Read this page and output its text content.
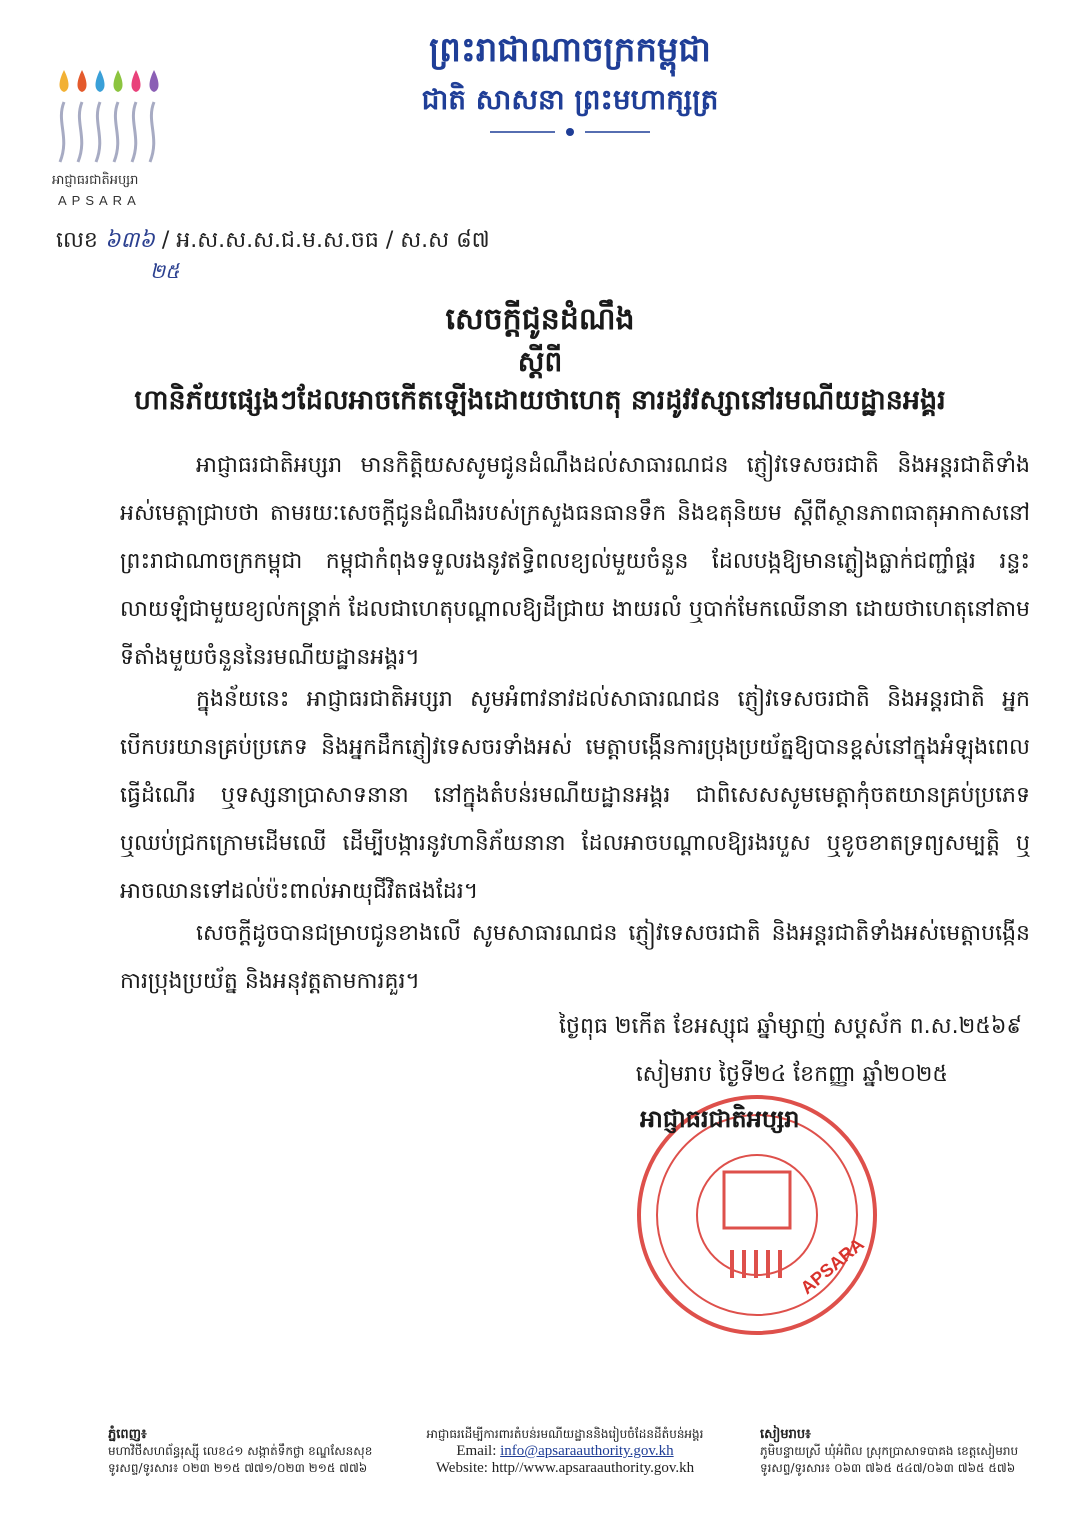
អាជ្ញាធរជាតិអប្សរា
APSARA
ព្រះរាជាណាចក្រកម្ពុជា
ជាតិ សាសនា ព្រះមហាក្សត្រ
លេខ ៦៣៦ / អ.ស.ស.ស.ជ.ម.ស.ចធ / ស.ស ៨៧
២៥
សេចក្តីជូនដំណឹង
ស្តីពី
ហានិភ័យផ្សេងៗដែលអាចកើតឡើងដោយថាហេតុ នារដូវវស្សានៅរមណីយដ្ឋានអង្គរ
អាជ្ញាធរជាតិអប្សរា មានកិត្តិយសសូមជូនដំណឹងដល់សាធារណជន ភ្ញៀវទេសចរជាតិ និងអន្តរជាតិទាំងអស់មេត្តាជ្រាបថា តាមរយៈសេចក្តីជូនដំណឹងរបស់ក្រសួងធនធានទឹក និងឧតុនិយម ស្តីពីស្ថានភាពធាតុអាកាសនៅព្រះរាជាណាចក្រកម្ពុជា កម្ពុជាកំពុងទទួលរងនូវឥទ្ធិពលខ្យល់មួយចំនួន ដែលបង្កឱ្យមានភ្លៀងធ្លាក់ជញ្ជាំផ្គរ រន្ទះ លាយឡំជាមួយខ្យល់កន្ត្រាក់ ដែលជាហេតុបណ្តាលឱ្យដីជ្រាយ ងាយរលំ ឬបាក់មែកឈើនានា ដោយថាហេតុនៅតាមទីតាំងមួយចំនួននៃរមណីយដ្ឋានអង្គរ។
ក្នុងន័យនេះ អាជ្ញាធរជាតិអប្សរា សូមអំពាវនាវដល់សាធារណជន ភ្ញៀវទេសចរជាតិ និងអន្តរជាតិ អ្នកបើកបរយានគ្រប់ប្រភេទ និងអ្នកដឹកភ្ញៀវទេសចរទាំងអស់ មេត្តាបង្កើនការប្រុងប្រយ័ត្នឱ្យបានខ្ពស់នៅក្នុងអំឡុងពេលធ្វើដំណើរ ឬទស្សនាប្រាសាទនានា នៅក្នុងតំបន់រមណីយដ្ឋានអង្គរ ជាពិសេសសូមមេត្តាកុំចតយានគ្រប់ប្រភេទ ឬឈប់ជ្រកក្រោមដើមឈើ ដើម្បីបង្ការនូវហានិភ័យនានា ដែលអាចបណ្តាលឱ្យរងរបួស ឬខូចខាតទ្រព្យសម្បត្តិ ឬអាចឈានទៅដល់ប៉ះពាល់អាយុជីវិតផងដែរ។
សេចក្តីដូចបានជម្រាបជូនខាងលើ សូមសាធារណជន ភ្ញៀវទេសចរជាតិ និងអន្តរជាតិទាំងអស់មេត្តាបង្កើនការប្រុងប្រយ័ត្ន និងអនុវត្តតាមការគួរ។
APSARA
ថ្ងៃពុធ ២កើត ខែអស្សុជ ឆ្នាំម្សាញ់ សប្តស័ក ព.ស.២៥៦៩
សៀមរាប ថ្ងៃទី២៤ ខែកញ្ញា ឆ្នាំ២០២៥
អាជ្ញាធរជាតិអប្សរា
ភ្នំពេញ៖
មហាវិថីសហព័ន្ធរុស្ស៊ី លេខ៤១ សង្កាត់ទឹកថ្លា ខណ្ឌសែនសុខ
ទូរសព្ទ/ទូរសារ៖ ០២៣ ២១៥ ៧៧១/០២៣ ២១៥ ៧៧៦
អាជ្ញាធរដើម្បីការពារតំបន់រមណីយដ្ឋាននិងរៀបចំដែនដីតំបន់អង្គរ
Email: info@apsaraauthority.gov.kh
Website: http//www.apsaraauthority.gov.kh
សៀមរាប៖
ភូមិបន្ទាយស្រី ឃុំអំពិល ស្រុកប្រាសាទបាគង ខេត្តសៀមរាប
ទូរសព្ទ/ទូរសារ៖ ០៦៣ ៧៦៥ ៥៤៧/០៦៣ ៧៦៥ ៥៧៦
